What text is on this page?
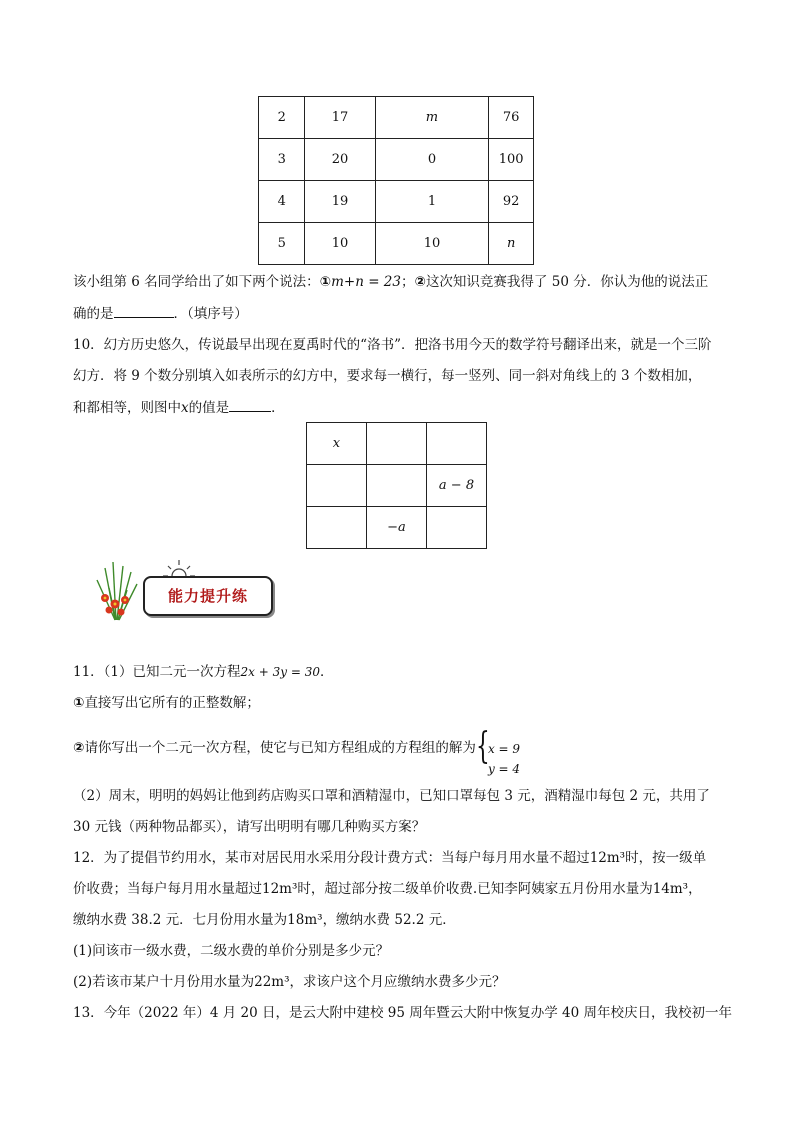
2	17	m	76
3	20	0	100
4	19	1	92
5	10	10	n
该小组第 6 名同学给出了如下两个说法：①m+n = 23；②这次知识竞赛我得了 50 分．你认为他的说法正
确的是	．（填序号）
10．幻方历史悠久，传说最早出现在夏禹时代的“洛书”．把洛书用今天的数学符号翻译出来，就是一个三阶
幻方．将 9 个数分别填入如表所示的幻方中，要求每一横行，每一竖列、同一斜对角线上的 3 个数相加，
和都相等，则图中x的值是	．
x		
		a − 8
	−a	
能力提升练
11．（1）已知二元一次方程2x + 3y = 30．
①直接写出它所有的正整数解；
②请你写出一个二元一次方程，使它与已知方程组成的方程组的解为 {
x = 9
y = 4
（2）周末，明明的妈妈让他到药店购买口罩和酒精湿巾，已知口罩每包 3 元，酒精湿巾每包 2 元，共用了
30 元钱（两种物品都买），请写出明明有哪几种购买方案？
12．为了提倡节约用水，某市对居民用水采用分段计费方式：当每户每月用水量不超过12m³时，按一级单
价收费；当每户每月用水量超过12m³时，超过部分按二级单价收费.已知李阿姨家五月份用水量为14m³，
缴纳水费 38.2 元．七月份用水量为18m³，缴纳水费 52.2 元．
(1)问该市一级水费，二级水费的单价分别是多少元？
(2)若该市某户十月份用水量为22m³，求该户这个月应缴纳水费多少元？
13．今年（2022 年）4 月 20 日，是云大附中建校 95 周年暨云大附中恢复办学 40 周年校庆日，我校初一年
